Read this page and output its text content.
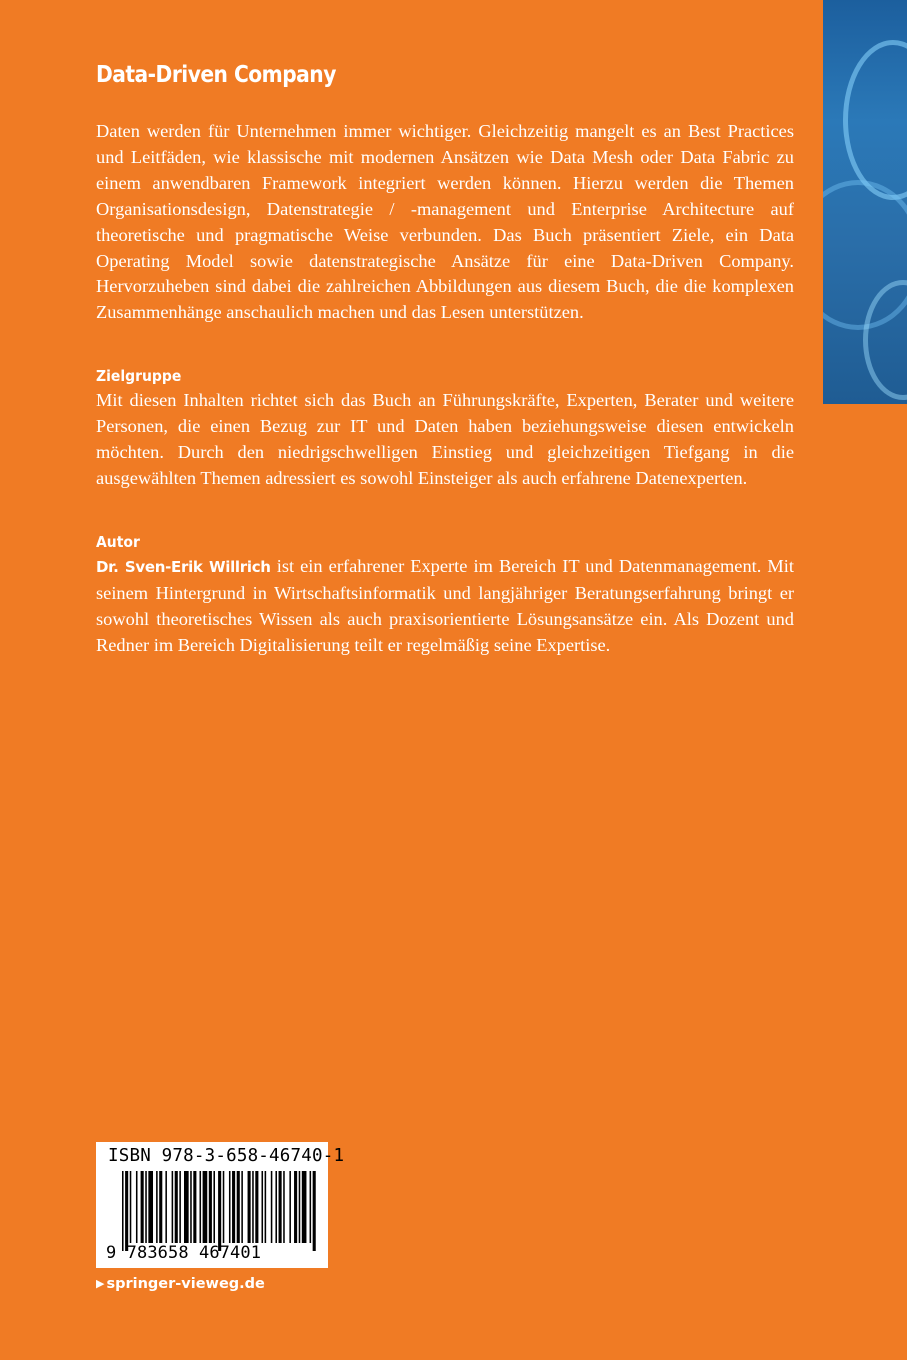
Data-Driven Company

Daten werden für Unternehmen immer wichtiger. Gleichzeitig mangelt es an Best Practices und Leitfäden, wie klassische mit modernen Ansätzen wie Data Mesh oder Data Fabric zu einem anwendbaren Framework integriert werden können. Hierzu werden die Themen Organisationsdesign, Datenstrategie / -management und Enterprise Architecture auf theoretische und pragmatische Weise verbunden. Das Buch präsentiert Ziele, ein Data Operating Model sowie datenstrategische Ansätze für eine Data-Driven Company. Hervorzuheben sind dabei die zahlreichen Abbildungen aus diesem Buch, die die komplexen Zusammenhänge anschaulich machen und das Lesen unterstützen.

Zielgruppe

Mit diesen Inhalten richtet sich das Buch an Führungskräfte, Experten, Berater und weitere Personen, die einen Bezug zur IT und Daten haben beziehungsweise diesen entwickeln möchten. Durch den niedrigschwelligen Einstieg und gleichzeitigen Tiefgang in die ausgewählten Themen adressiert es sowohl Einsteiger als auch erfahrene Datenexperten.

Autor

Dr. Sven-Erik Willrich ist ein erfahrener Experte im Bereich IT und Datenmanagement. Mit seinem Hintergrund in Wirtschaftsinformatik und langjähriger Beratungserfahrung bringt er sowohl theoretisches Wissen als auch praxisorientierte Lösungsansätze ein. Als Dozent und Redner im Bereich Digitalisierung teilt er regelmäßig seine Expertise.

ISBN 978-3-658-46740-1
9 783658 467401
▶ springer-vieweg.de
